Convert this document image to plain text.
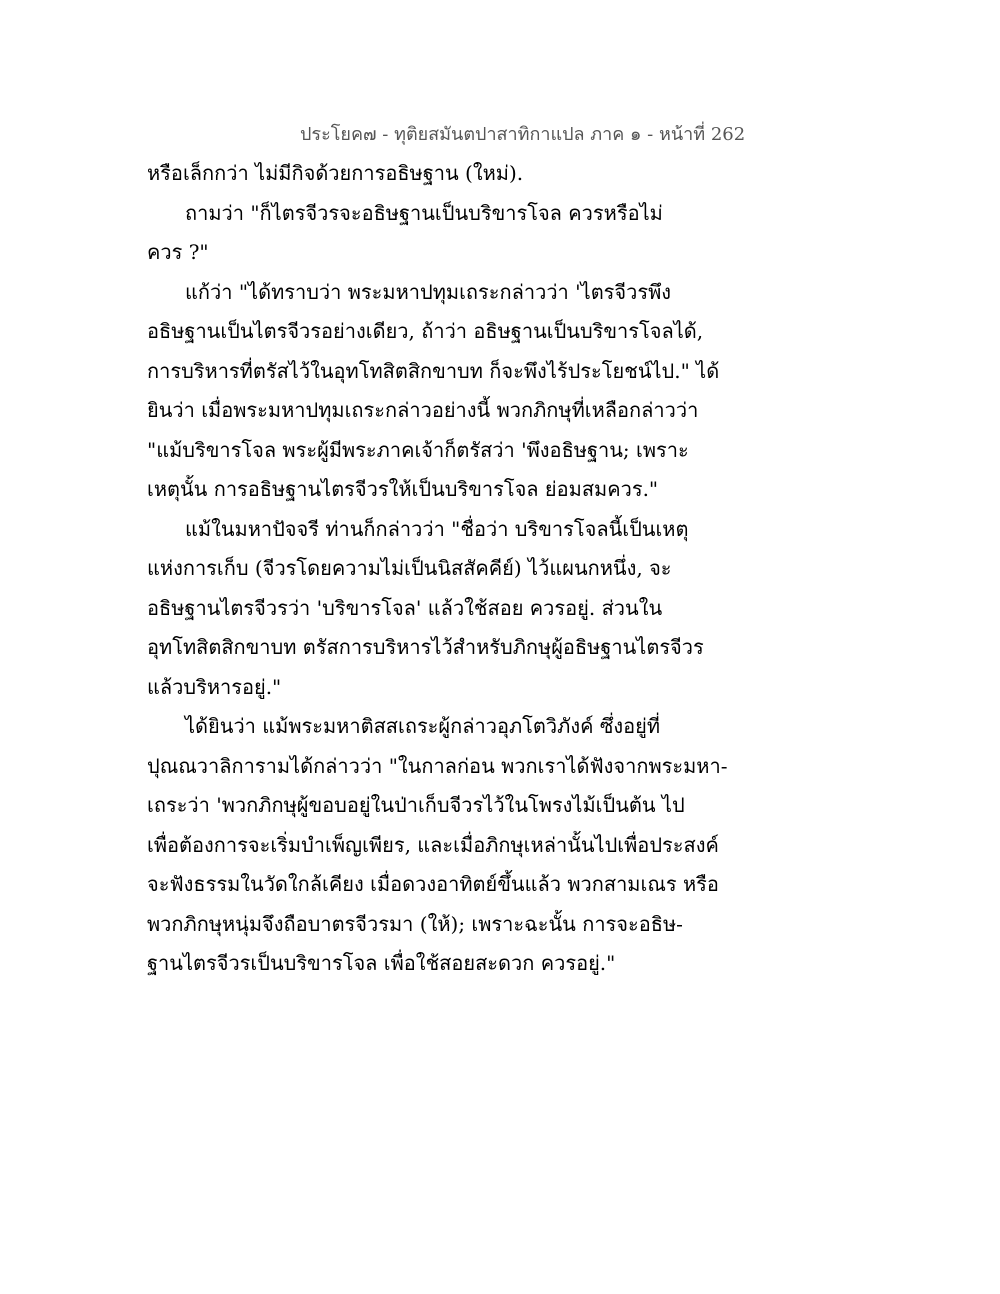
ประโยค๗ - ทุติยสมันตปาสาทิกาแปล ภาค ๑ - หน้าที่ 262
หรือเล็กกว่า ไม่มีกิจด้วยการอธิษฐาน (ใหม่).
ถามว่า "ก็ไตรจีวรจะอธิษฐานเป็นบริขารโจล ควรหรือไม่
ควร ?"
แก้ว่า "ได้ทราบว่า พระมหาปทุมเถระกล่าวว่า 'ไตรจีวรพึง
อธิษฐานเป็นไตรจีวรอย่างเดียว, ถ้าว่า อธิษฐานเป็นบริขารโจลได้,
การบริหารที่ตรัสไว้ในอุทโทสิตสิกขาบท ก็จะพึงไร้ประโยชน์ไป." ได้
ยินว่า เมื่อพระมหาปทุมเถระกล่าวอย่างนี้ พวกภิกษุที่เหลือกล่าวว่า
"แม้บริขารโจล พระผู้มีพระภาคเจ้าก็ตรัสว่า 'พึงอธิษฐาน; เพราะ
เหตุนั้น การอธิษฐานไตรจีวรให้เป็นบริขารโจล ย่อมสมควร."
แม้ในมหาปัจจรี ท่านก็กล่าวว่า "ชื่อว่า บริขารโจลนี้เป็นเหตุ
แห่งการเก็บ (จีวรโดยความไม่เป็นนิสสัคคีย์) ไว้แผนกหนึ่ง, จะ
อธิษฐานไตรจีวรว่า 'บริขารโจล' แล้วใช้สอย ควรอยู่. ส่วนใน
อุทโทสิตสิกขาบท ตรัสการบริหารไว้สำหรับภิกษุผู้อธิษฐานไตรจีวร
แล้วบริหารอยู่."
ได้ยินว่า แม้พระมหาติสสเถระผู้กล่าวอุภโตวิภังค์ ซึ่งอยู่ที่
ปุณณวาลิการามได้กล่าวว่า "ในกาลก่อน พวกเราได้ฟังจากพระมหา-
เถระว่า 'พวกภิกษุผู้ขอบอยู่ในป่าเก็บจีวรไว้ในโพรงไม้เป็นต้น ไป
เพื่อต้องการจะเริ่มบำเพ็ญเพียร, และเมื่อภิกษุเหล่านั้นไปเพื่อประสงค์
จะฟังธรรมในวัดใกล้เคียง เมื่อดวงอาทิตย์ขึ้นแล้ว พวกสามเณร หรือ
พวกภิกษุหนุ่มจึงถือบาตรจีวรมา (ให้); เพราะฉะนั้น การจะอธิษ-
ฐานไตรจีวรเป็นบริขารโจล เพื่อใช้สอยสะดวก ควรอยู่."
